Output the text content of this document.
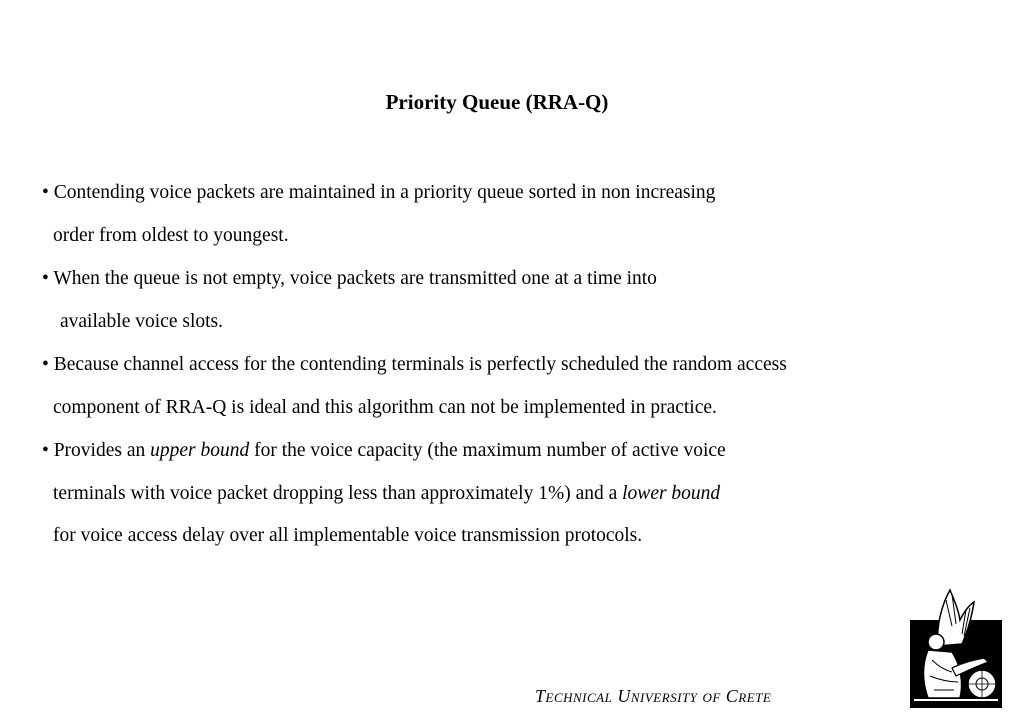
Priority Queue (RRA-Q)
• Contending voice packets are maintained in a priority queue sorted in non increasing
order from oldest to youngest.
• When the queue is not empty, voice packets are transmitted one at a time into
available voice slots.
• Because channel access for the contending terminals is perfectly scheduled the random access
component of RRA-Q is ideal and this algorithm can not be implemented in practice.
• Provides an upper bound for the voice capacity (the maximum number of active voice
terminals with voice packet dropping less than approximately 1%) and a lower bound
for voice access delay over all implementable voice transmission protocols.
Technical University of Crete
